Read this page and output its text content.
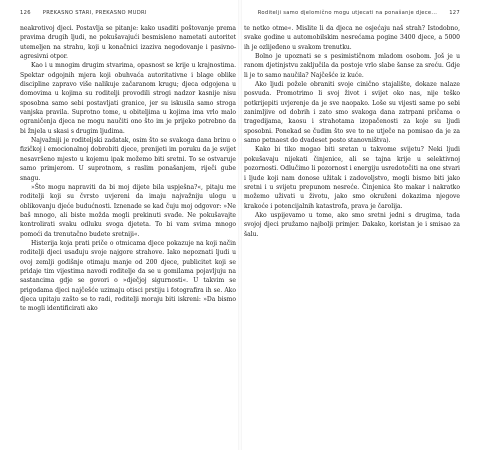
126 PREKASNO STARI, PREKASNO MUDRI

neakrotivoj djeci. Postavlja se pitanje: kako usaditi poštovanje prema pravima drugih ljudi, ne pokušavajući besmisleno nametati autoritet utemeljen na strahu, koji u konačnici izaziva negodovanje i pasivno-agresivni otpor.

Kao i u mnogim drugim stvarima, opasnost se krije u krajnostima. Spektar odgojnih mjera koji obuhvaća autoritativne i blage oblike discipline zapravo više nalikuje začaranom krugu; djeca odgojena u domovima u kojima su roditelji provodili strogi nadzor kasnije nisu sposobna samo sebi postavljati granice, jer su iskusila samo stroga vanjska pravila. Suprotno tome, u obiteljima u kojima ima vrlo malo ograničenja djeca ne mogu naučiti ono što im je prijeko potrebno da bi žnjela u skasi s drugim ljudima.

Najvažniji je roditeljski zadatak, osim što se svakoga dana brinu o fizičkoj i emocionalnoj dobrobiti djece, prenijeti im poruku da je svijet nesavršeno mjesto u kojemu ipak možemo biti sretni. To se ostvaruje samo primjerom. U suprotnom, s raslim ponašanjem, riječi gube snagu.

»Što mogu napraviti da bi moj dijete bila uspješna?«, pitaju me roditelji koji su čvrsto uvjereni da imaju najvažniju ulogu u oblikovanju djeće budućnosti. Iznenade se kad čuju moj odgovor: »Ne baš mnogo, ali biste možda mogli prekinuti svađe. Ne pokušavajte kontrolirati svaku odluku svoga djeteta. To bi vam svima mnogo pomoći da trenutačno budete sretniji«.

Histerija koja prati priče o otmicama djece pokazuje na koji način roditelji djeci usađuju svoje najgore strahove. Iako nepoznati ljudi u ovoj zemlji godišnje otimaju manje od 200 djece, publicitet koji se pridaje tim vijestima navodi roditelje da se u gomilama pojavljuju na sastancima gdje se govori o »dječjoj sigurnosti«. U takvim se prigodama djeci najčešće uzimaju otisci prstiju i fotografira ih se. Ako djeca upitaju zašto se to radi, roditelji moraju biti iskreni: »Da bismo te mogli identificirati ako

Roditelji samo djelomično mogu utjecati na ponašanje djece... 127

te netko otme«. Mislite li da djeca ne osjećaju naš strah? Istodobno, svake godine u automobilskim nesrećama pogine 3400 djece, a 5000 ih je ozlijeđeno u svakom trenutku.

Bolno je upoznati se s pesimističnom mladom osobom. Još je u ranom djetinjstvu zaključila da postoje vrlo slabe šanse za sreću. Gdje li je to samo naučila? Najčešće iz kuće.

Ako ljudi požele obraniti svoje cinično stajalište, dokaze nalaze posvuda. Promotrimo li svoj život i svijet oko nas, nije teško potkrijepiti uvjerenje da je sve naopako. Loše su vijesti same po sebi zanimljive od dobrih i zato smo svakoga dana zatrpani pričama o tragedijama, kaosu i strahotama izopačenosti za koje su ljudi sposobni. Ponekad se čudim što sve to ne utječe na pomisao da je za samo petnaest do dvadeset posto stanovništva).

Kako bi tiko mogao biti sretan u takvome svijetu? Neki ljudi pokušavaju nijekati činjenice, ali se tajna krije u selektivnoj pozornosti. Odlučimo li pozornost i energiju usredotočiti na one stvari i ljude koji nam donose užitak i zadovoljstvo, mogli bismo biti jako sretni i u svijetu prepunom nesreće. Činjenica što makar i nakratko možemo uživati u životu, jako smo okruženi dokazima njegove krakoće i potencijalnih katastrofa, prava je čarolija.

Ako uspijevamo u tome, ako smo sretni jedni s drugima, tada svojoj djeci pružamo najbolji primjer. Dakako, koristan je i smisao za šalu.
